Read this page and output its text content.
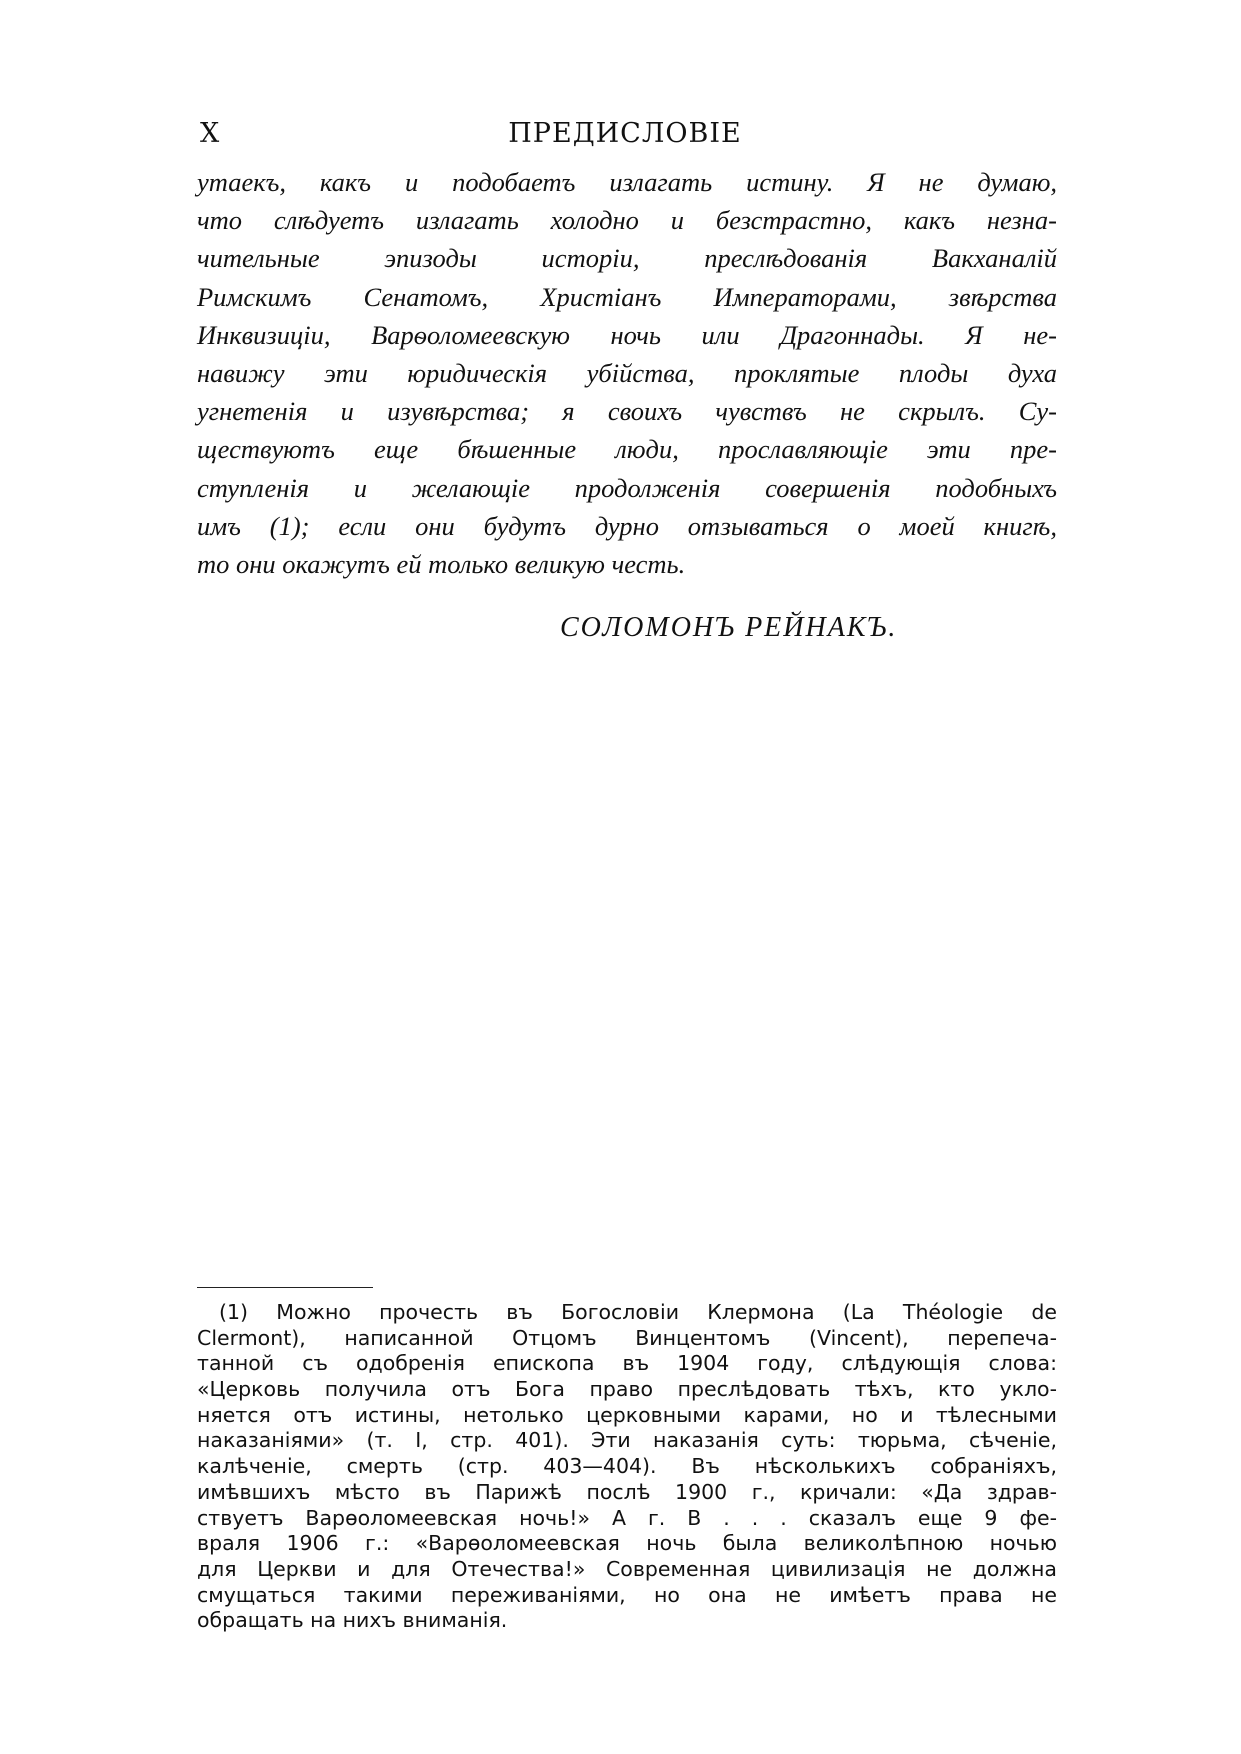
X	ПРЕДИСЛОВІЕ
утаекъ, какъ и подобаетъ излагать истину. Я не думаю,
что слѣдуетъ излагать холодно и безстрастно, какъ незна-
чительные эпизоды исторіи, преслѣдованія Вакханалій
Римскимъ Сенатомъ, Христіанъ Императорами, звѣрства
Инквизиціи, Варѳоломеевскую ночь или Драгоннады. Я не-
навижу эти юридическія убійства, проклятые плоды духа
угнетенія и изувѣрства; я своихъ чувствъ не скрылъ. Су-
ществуютъ еще бѣшенные люди, прославляющіе эти пре-
ступленія и желающіе продолженія совершенія подобныхъ
имъ (1); если они будутъ дурно отзываться о моей книгѣ,
то они окажутъ ей только великую честь.
СОЛОМОНЪ РЕЙНАКЪ.
(1) Можно прочесть въ Богословіи Клермона (La Théologie de
Clermont), написанной Отцомъ Винцентомъ (Vincent), перепеча-
танной съ одобренія епископа въ 1904 году, слѣдующія слова:
«Церковь получила отъ Бога право преслѣдовать тѣхъ, кто укло-
няется отъ истины, нетолько церковными карами, но и тѣлесными
наказаніями» (т. I, стр. 401). Эти наказанія суть: тюрьма, сѣченіе,
калѣченіе, смерть (стр. 403—404). Въ нѣсколькихъ собраніяхъ,
имѣвшихъ мѣсто въ Парижѣ послѣ 1900 г., кричали: «Да здрав-
ствуетъ Варѳоломеевская ночь!» А г. В . . . сказалъ еще 9 фе-
враля 1906 г.: «Варѳоломеевская ночь была великолѣпною ночью
для Церкви и для Отечества!» Современная цивилизація не должна
смущаться такими переживаніями, но она не имѣетъ права не
обращать на нихъ вниманія.
